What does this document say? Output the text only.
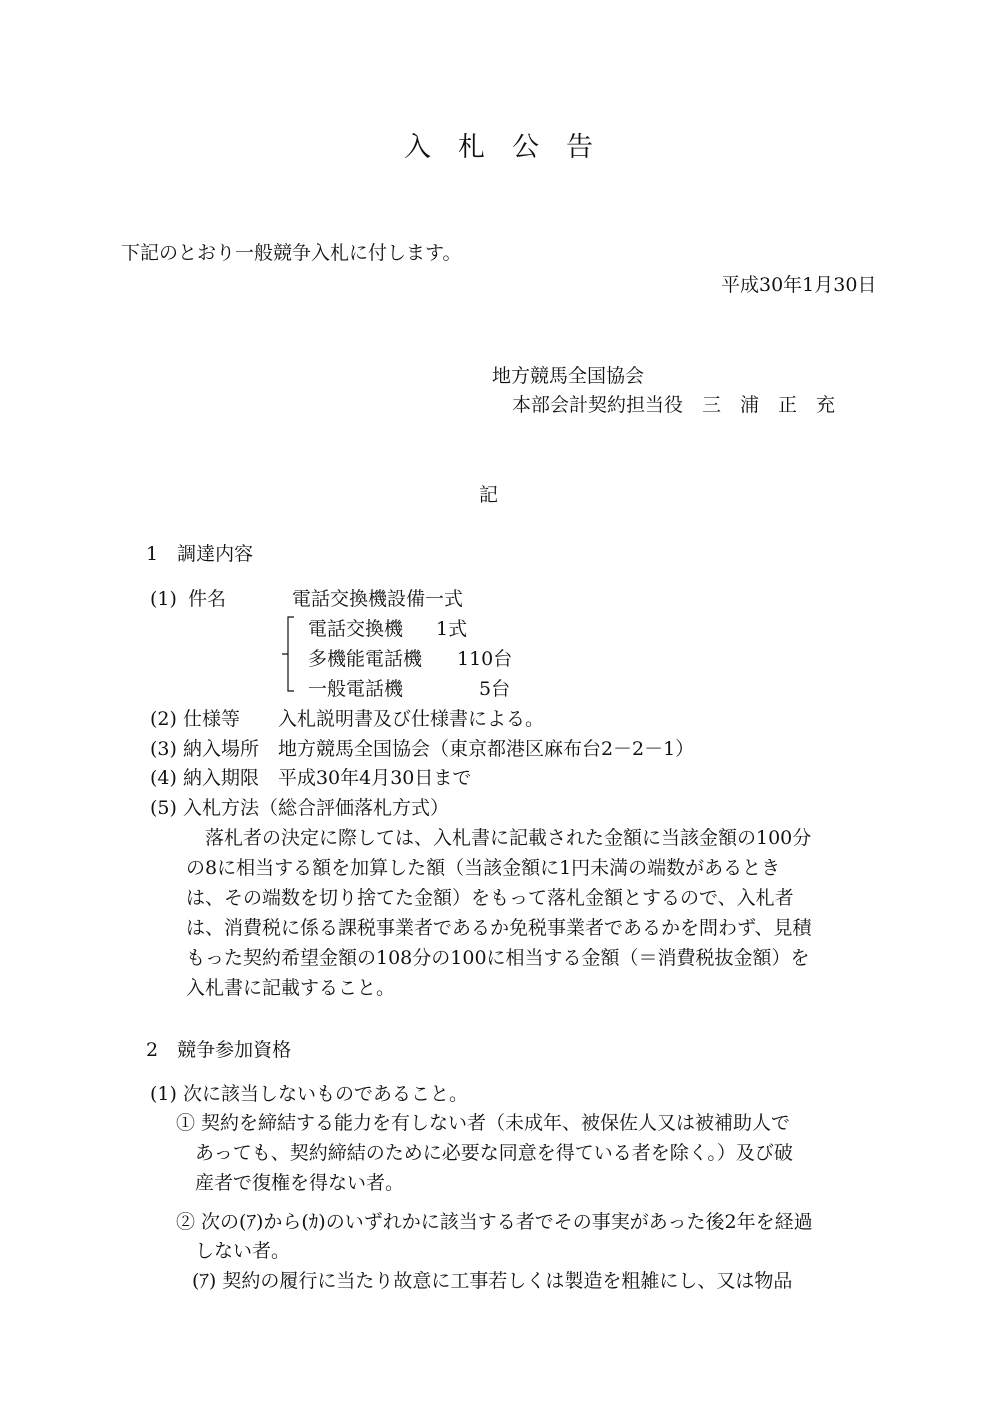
入　札　公　告
下記のとおり一般競争入札に付します。
平成30年1月30日
地方競馬全国協会
本部会計契約担当役　三　浦　正　充
記
1　調達内容
(1) 件名	電話交換機設備一式
電話交換機 1式
多機能電話機 110台
一般電話機	5台
(2) 仕様等　　入札説明書及び仕様書による。
(3) 納入場所　地方競馬全国協会（東京都港区麻布台2－2－1）
(4) 納入期限　平成30年4月30日まで
(5) 入札方法（総合評価落札方式）
　落札者の決定に際しては、入札書に記載された金額に当該金額の100分
の8に相当する額を加算した額（当該金額に1円未満の端数があるとき
は、その端数を切り捨てた金額）をもって落札金額とするので、入札者
は、消費税に係る課税事業者であるか免税事業者であるかを問わず、見積
もった契約希望金額の108分の100に相当する金額（＝消費税抜金額）を
入札書に記載すること。
2　競争参加資格
(1) 次に該当しないものであること。
① 契約を締結する能力を有しない者（未成年、被保佐人又は被補助人で
　あっても、契約締結のために必要な同意を得ている者を除く。）及び破
　産者で復権を得ない者。
② 次の(ｱ)から(ｶ)のいずれかに該当する者でその事実があった後2年を経過
　しない者。
(ｱ) 契約の履行に当たり故意に工事若しくは製造を粗雑にし、又は物品
